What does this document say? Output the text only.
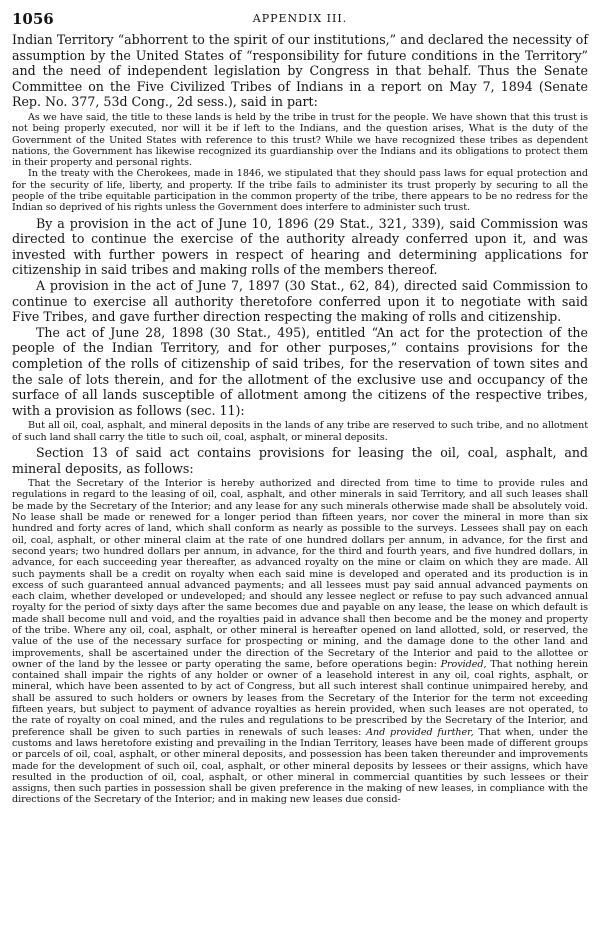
1056	APPENDIX III.

Indian Territory “abhorrent to the spirit of our institutions,” and declared the necessity of assumption by the United States of “responsibility for future conditions in the Territory” and the need of independent legislation by Congress in that behalf. Thus the Senate Committee on the Five Civilized Tribes of Indians in a report on May 7, 1894 (Senate Rep. No. 377, 53d Cong., 2d sess.), said in part:

As we have said, the title to these lands is held by the tribe in trust for the people. We have shown that this trust is not being properly executed, nor will it be if left to the Indians, and the question arises, What is the duty of the Government of the United States with reference to this trust? While we have recognized these tribes as dependent nations, the Government has likewise recognized its guardianship over the Indians and its obligations to protect them in their property and personal rights.

In the treaty with the Cherokees, made in 1846, we stipulated that they should pass laws for equal protection and for the security of life, liberty, and property. If the tribe fails to administer its trust properly by securing to all the people of the tribe equitable participation in the common property of the tribe, there appears to be no redress for the Indian so deprived of his rights unless the Government does interfere to administer such trust.

By a provision in the act of June 10, 1896 (29 Stat., 321, 339), said Commission was directed to continue the exercise of the authority already conferred upon it, and was invested with further powers in respect of hearing and determining applications for citizenship in said tribes and making rolls of the members thereof.

A provision in the act of June 7, 1897 (30 Stat., 62, 84), directed said Commission to continue to exercise all authority theretofore conferred upon it to negotiate with said Five Tribes, and gave further direction respecting the making of rolls and citizenship.

The act of June 28, 1898 (30 Stat., 495), entitled “An act for the protection of the people of the Indian Territory, and for other purposes,” contains provisions for the completion of the rolls of citizenship of said tribes, for the reservation of town sites and the sale of lots therein, and for the allotment of the exclusive use and occupancy of the surface of all lands susceptible of allotment among the citizens of the respective tribes, with a provision as follows (sec. 11):

But all oil, coal, asphalt, and mineral deposits in the lands of any tribe are reserved to such tribe, and no allotment of such land shall carry the title to such oil, coal, asphalt, or mineral deposits.

Section 13 of said act contains provisions for leasing the oil, coal, asphalt, and mineral deposits, as follows:

That the Secretary of the Interior is hereby authorized and directed from time to time to provide rules and regulations in regard to the leasing of oil, coal, asphalt, and other minerals in said Territory, and all such leases shall be made by the Secretary of the Interior; and any lease for any such minerals otherwise made shall be absolutely void. No lease shall be made or renewed for a longer period than fifteen years, nor cover the mineral in more than six hundred and forty acres of land, which shall conform as nearly as possible to the surveys. Lessees shall pay on each oil, coal, asphalt, or other mineral claim at the rate of one hundred dollars per annum, in advance, for the first and second years; two hundred dollars per annum, in advance, for the third and fourth years, and five hundred dollars, in advance, for each succeeding year thereafter, as advanced royalty on the mine or claim on which they are made. All such payments shall be a credit on royalty when each said mine is developed and operated and its production is in excess of such guaranteed annual advanced payments; and all lessees must pay said annual advanced payments on each claim, whether developed or undeveloped; and should any lessee neglect or refuse to pay such advanced annual royalty for the period of sixty days after the same becomes due and payable on any lease, the lease on which default is made shall become null and void, and the royalties paid in advance shall then become and be the money and property of the tribe. Where any oil, coal, asphalt, or other mineral is hereafter opened on land allotted, sold, or reserved, the value of the use of the necessary surface for prospecting or mining, and the damage done to the other land and improvements, shall be ascertained under the direction of the Secretary of the Interior and paid to the allottee or owner of the land by the lessee or party operating the same, before operations begin: Provided, That nothing herein contained shall impair the rights of any holder or owner of a leasehold interest in any oil, coal rights, asphalt, or mineral, which have been assented to by act of Congress, but all such interest shall continue unimpaired hereby, and shall be assured to such holders or owners by leases from the Secretary of the Interior for the term not exceeding fifteen years, but subject to payment of advance royalties as herein provided, when such leases are not operated, to the rate of royalty on coal mined, and the rules and regulations to be prescribed by the Secretary of the Interior, and preference shall be given to such parties in renewals of such leases: And provided further, That when, under the customs and laws heretofore existing and prevailing in the Indian Territory, leases have been made of different groups or parcels of oil, coal, asphalt, or other mineral deposits, and possession has been taken thereunder and improvements made for the development of such oil, coal, asphalt, or other mineral deposits by lessees or their assigns, which have resulted in the production of oil, coal, asphalt, or other mineral in commercial quantities by such lessees or their assigns, then such parties in possession shall be given preference in the making of new leases, in compliance with the directions of the Secretary of the Interior; and in making new leases due consid-
